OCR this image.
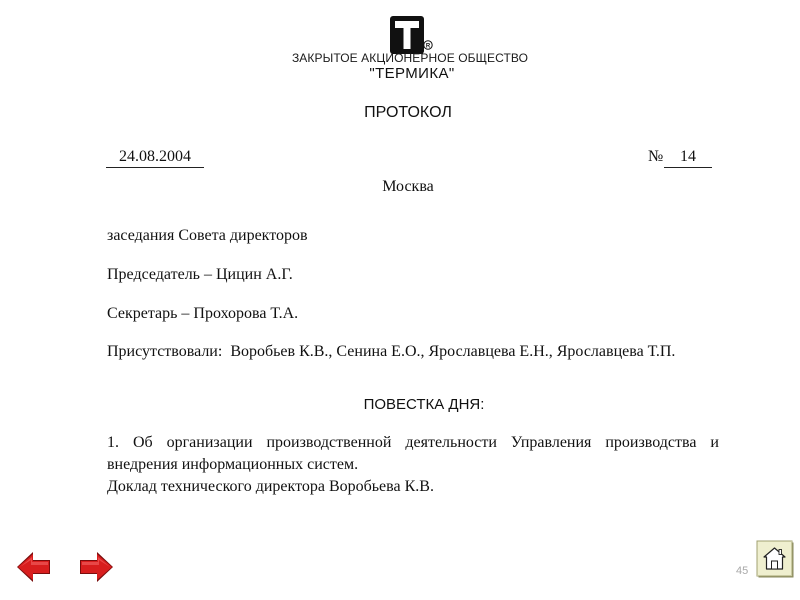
R
ЗАКРЫТОЕ АКЦИОНЕРНОЕ ОБЩЕСТВО
"ТЕРМИКА"
ПРОТОКОЛ
24.08.2004	№	14
Москва
заседания Совета директоров
Председатель – Цицин А.Г.
Секретарь – Прохорова Т.А.
Присутствовали: Воробьев К.В., Сенина Е.О., Ярославцева Е.Н., Ярославцева Т.П.
ПОВЕСТКА ДНЯ:
1. Об организации производственной деятельности Управления производства и внедрения информационных систем.
Доклад технического директора Воробьева К.В.
45
